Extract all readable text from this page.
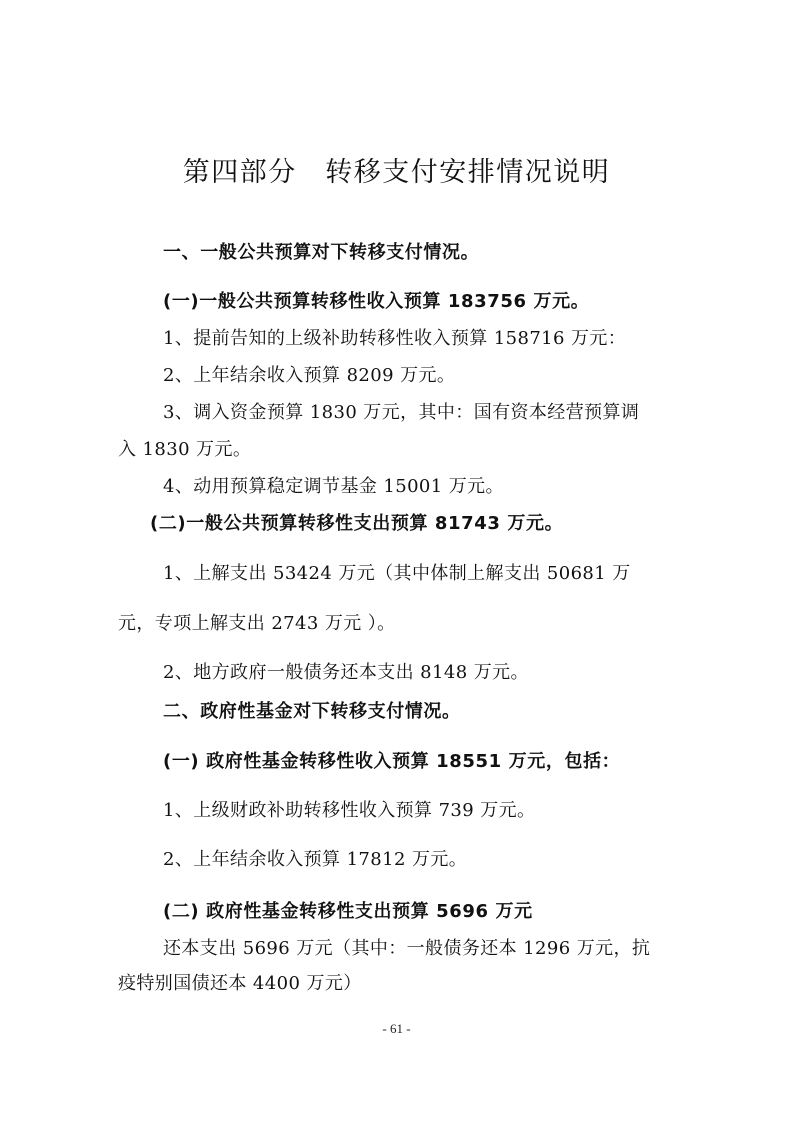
第四部分　转移支付安排情况说明
一、一般公共预算对下转移支付情况。
(一)一般公共预算转移性收入预算 183756 万元。
1、提前告知的上级补助转移性收入预算 158716 万元：
2、上年结余收入预算 8209 万元。
3、调入资金预算 1830 万元，其中：国有资本经营预算调
入 1830 万元。
4、动用预算稳定调节基金 15001 万元。
(二)一般公共预算转移性支出预算 81743 万元。
1、上解支出 53424 万元（其中体制上解支出 50681 万
元，专项上解支出 2743 万元 ）。
2、地方政府一般债务还本支出 8148 万元。
二、政府性基金对下转移支付情况。
(一) 政府性基金转移性收入预算 18551 万元，包括：
1、上级财政补助转移性收入预算 739 万元。
2、上年结余收入预算 17812 万元。
(二) 政府性基金转移性支出预算 5696 万元
还本支出 5696 万元（其中：一般债务还本 1296 万元，抗
疫特别国债还本 4400 万元）
- 61 -
